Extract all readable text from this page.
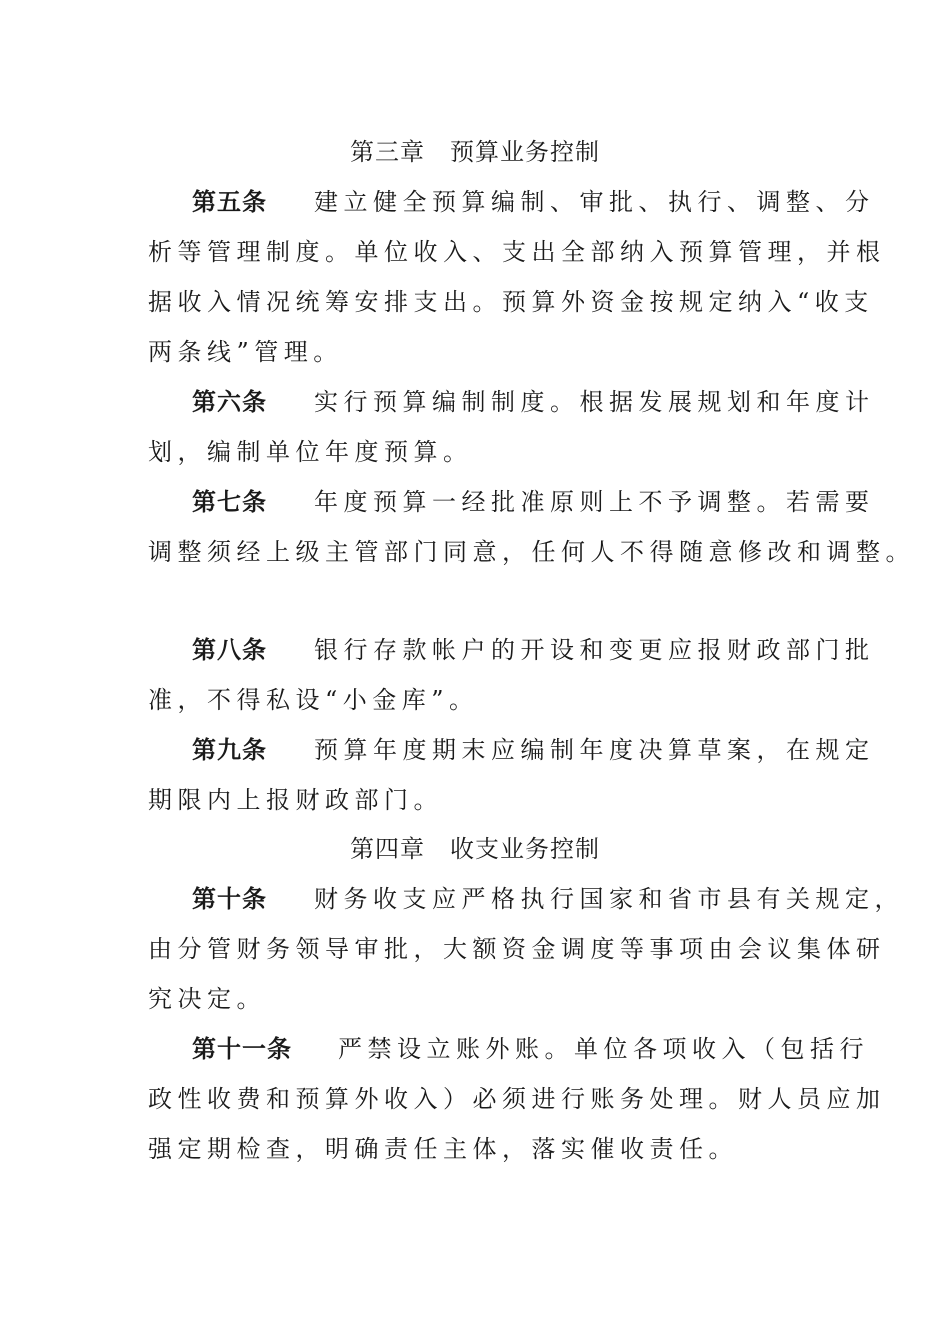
第三章　预算业务控制
第五条 建立健全预算编制、审批、执行、调整、分
析等管理制度。单位收入、支出全部纳入预算管理，并根
据收入情况统筹安排支出。预算外资金按规定纳入“收支
两条线”管理。
第六条 实行预算编制制度。根据发展规划和年度计
划，编制单位年度预算。
第七条 年度预算一经批准原则上不予调整。若需要
调整须经上级主管部门同意，任何人不得随意修改和调整。
第八条 银行存款帐户的开设和变更应报财政部门批
准，不得私设“小金库”。
第九条 预算年度期末应编制年度决算草案，在规定
期限内上报财政部门。
第四章　收支业务控制
第十条 财务收支应严格执行国家和省市县有关规定，
由分管财务领导审批，大额资金调度等事项由会议集体研
究决定。
第十一条 严禁设立账外账。单位各项收入（包括行
政性收费和预算外收入）必须进行账务处理。财人员应加
强定期检查，明确责任主体，落实催收责任。
